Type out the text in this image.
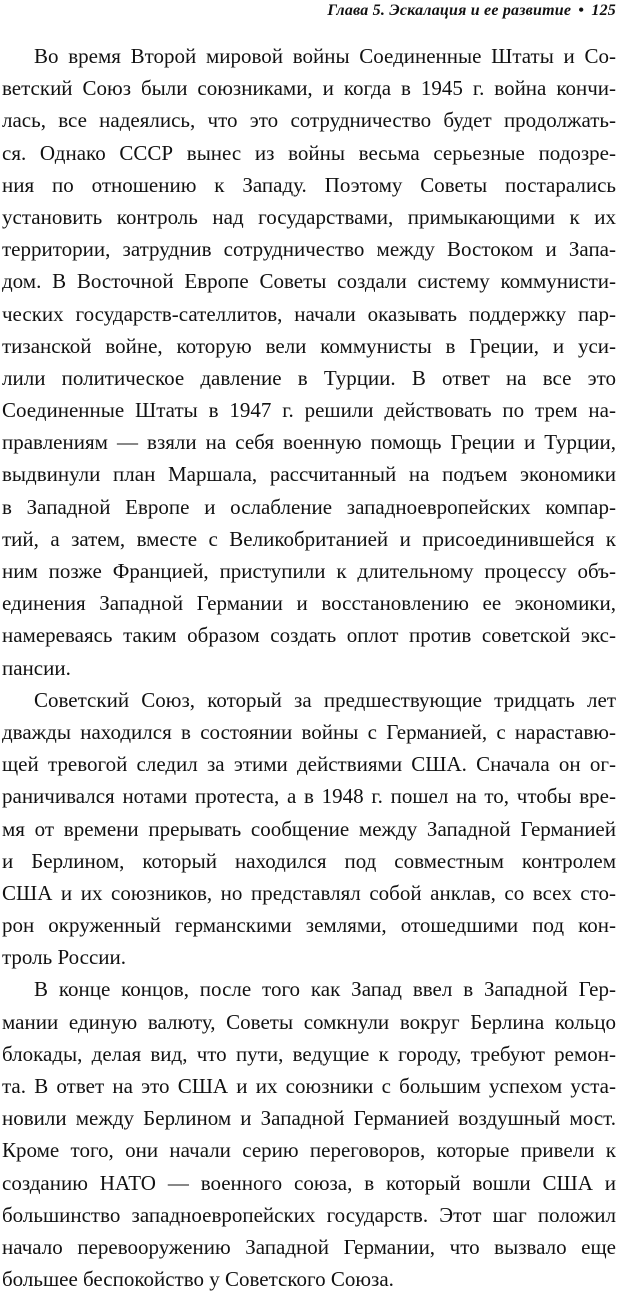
Глава 5. Эскалация и ее развитие • 125
Во время Второй мировой войны Соединенные Штаты и Со-
ветский Союз были союзниками, и когда в 1945 г. война кончи-
лась, все надеялись, что это сотрудничество будет продолжать-
ся. Однако СССР вынес из войны весьма серьезные подозре-
ния по отношению к Западу. Поэтому Советы постарались
установить контроль над государствами, примыкающими к их
территории, затруднив сотрудничество между Востоком и Запа-
дом. В Восточной Европе Советы создали систему коммунисти-
ческих государств-сателлитов, начали оказывать поддержку пар-
тизанской войне, которую вели коммунисты в Греции, и уси-
лили политическое давление в Турции. В ответ на все это
Соединенные Штаты в 1947 г. решили действовать по трем на-
правлениям — взяли на себя военную помощь Греции и Турции,
выдвинули план Маршала, рассчитанный на подъем экономики
в Западной Европе и ослабление западноевропейских компар-
тий, а затем, вместе с Великобританией и присоединившейся к
ним позже Францией, приступили к длительному процессу объ-
единения Западной Германии и восстановлению ее экономики,
намереваясь таким образом создать оплот против советской экс-
пансии.
Советский Союз, который за предшествующие тридцать лет
дважды находился в состоянии войны с Германией, с нараставю-
щей тревогой следил за этими действиями США. Сначала он ог-
раничивался нотами протеста, а в 1948 г. пошел на то, чтобы вре-
мя от времени прерывать сообщение между Западной Германией
и Берлином, который находился под совместным контролем
США и их союзников, но представлял собой анклав, со всех сто-
рон окруженный германскими землями, отошедшими под кон-
троль России.
В конце концов, после того как Запад ввел в Западной Гер-
мании единую валюту, Советы сомкнули вокруг Берлина кольцо
блокады, делая вид, что пути, ведущие к городу, требуют ремон-
та. В ответ на это США и их союзники с большим успехом уста-
новили между Берлином и Западной Германией воздушный мост.
Кроме того, они начали серию переговоров, которые привели к
созданию НАТО — военного союза, в который вошли США и
большинство западноевропейских государств. Этот шаг положил
начало перевооружению Западной Германии, что вызвало еще
большее беспокойство у Советского Союза.
